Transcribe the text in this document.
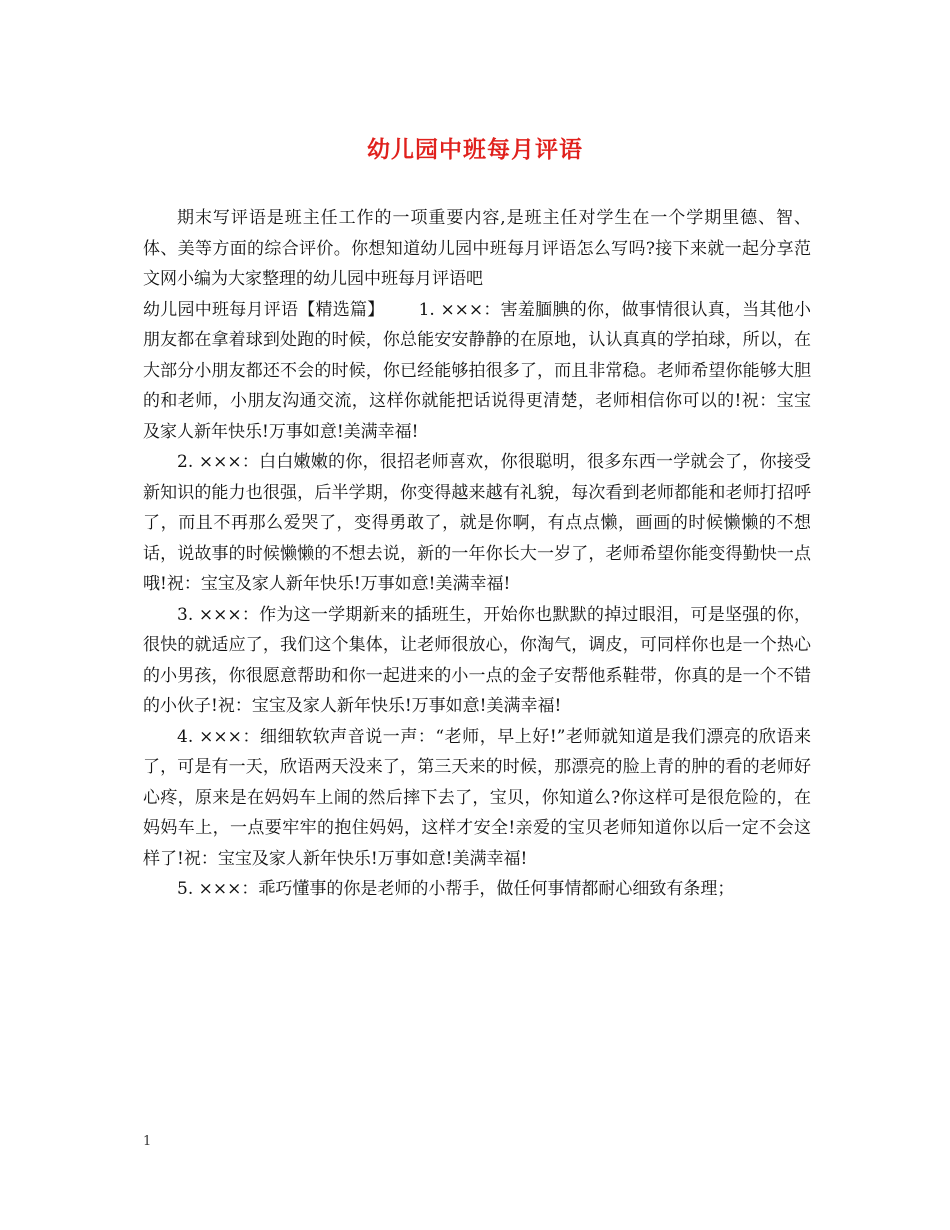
幼儿园中班每月评语

期末写评语是班主任工作的一项重要内容,是班主任对学生在一个学期里德、智、体、美等方面的综合评价。你想知道幼儿园中班每月评语怎么写吗?接下来就一起分享范文网小编为大家整理的幼儿园中班每月评语吧

幼儿园中班每月评语【精选篇】 1. ×××：害羞腼腆的你，做事情很认真，当其他小朋友都在拿着球到处跑的时候，你总能安安静静的在原地，认认真真的学拍球，所以，在大部分小朋友都还不会的时候，你已经能够拍很多了，而且非常稳。老师希望你能够大胆的和老师，小朋友沟通交流，这样你就能把话说得更清楚，老师相信你可以的!祝：宝宝及家人新年快乐!万事如意!美满幸福!

2. ×××：白白嫩嫩的你，很招老师喜欢，你很聪明，很多东西一学就会了，你接受新知识的能力也很强，后半学期，你变得越来越有礼貌，每次看到老师都能和老师打招呼了，而且不再那么爱哭了，变得勇敢了，就是你啊，有点点懒，画画的时候懒懒的不想话，说故事的时候懒懒的不想去说，新的一年你长大一岁了，老师希望你能变得勤快一点哦!祝：宝宝及家人新年快乐!万事如意!美满幸福!

3. ×××：作为这一学期新来的插班生，开始你也默默的掉过眼泪，可是坚强的你，很快的就适应了，我们这个集体，让老师很放心，你淘气，调皮，可同样你也是一个热心的小男孩，你很愿意帮助和你一起进来的小一点的金子安帮他系鞋带，你真的是一个不错的小伙子!祝：宝宝及家人新年快乐!万事如意!美满幸福!

4. ×××：细细软软声音说一声：“老师，早上好!”老师就知道是我们漂亮的欣语来了，可是有一天，欣语两天没来了，第三天来的时候，那漂亮的脸上青的肿的看的老师好心疼，原来是在妈妈车上闹的然后摔下去了，宝贝，你知道么?你这样可是很危险的，在妈妈车上，一点要牢牢的抱住妈妈，这样才安全!亲爱的宝贝老师知道你以后一定不会这样了!祝：宝宝及家人新年快乐!万事如意!美满幸福!

5. ×××：乖巧懂事的你是老师的小帮手，做任何事情都耐心细致有条理；

1
